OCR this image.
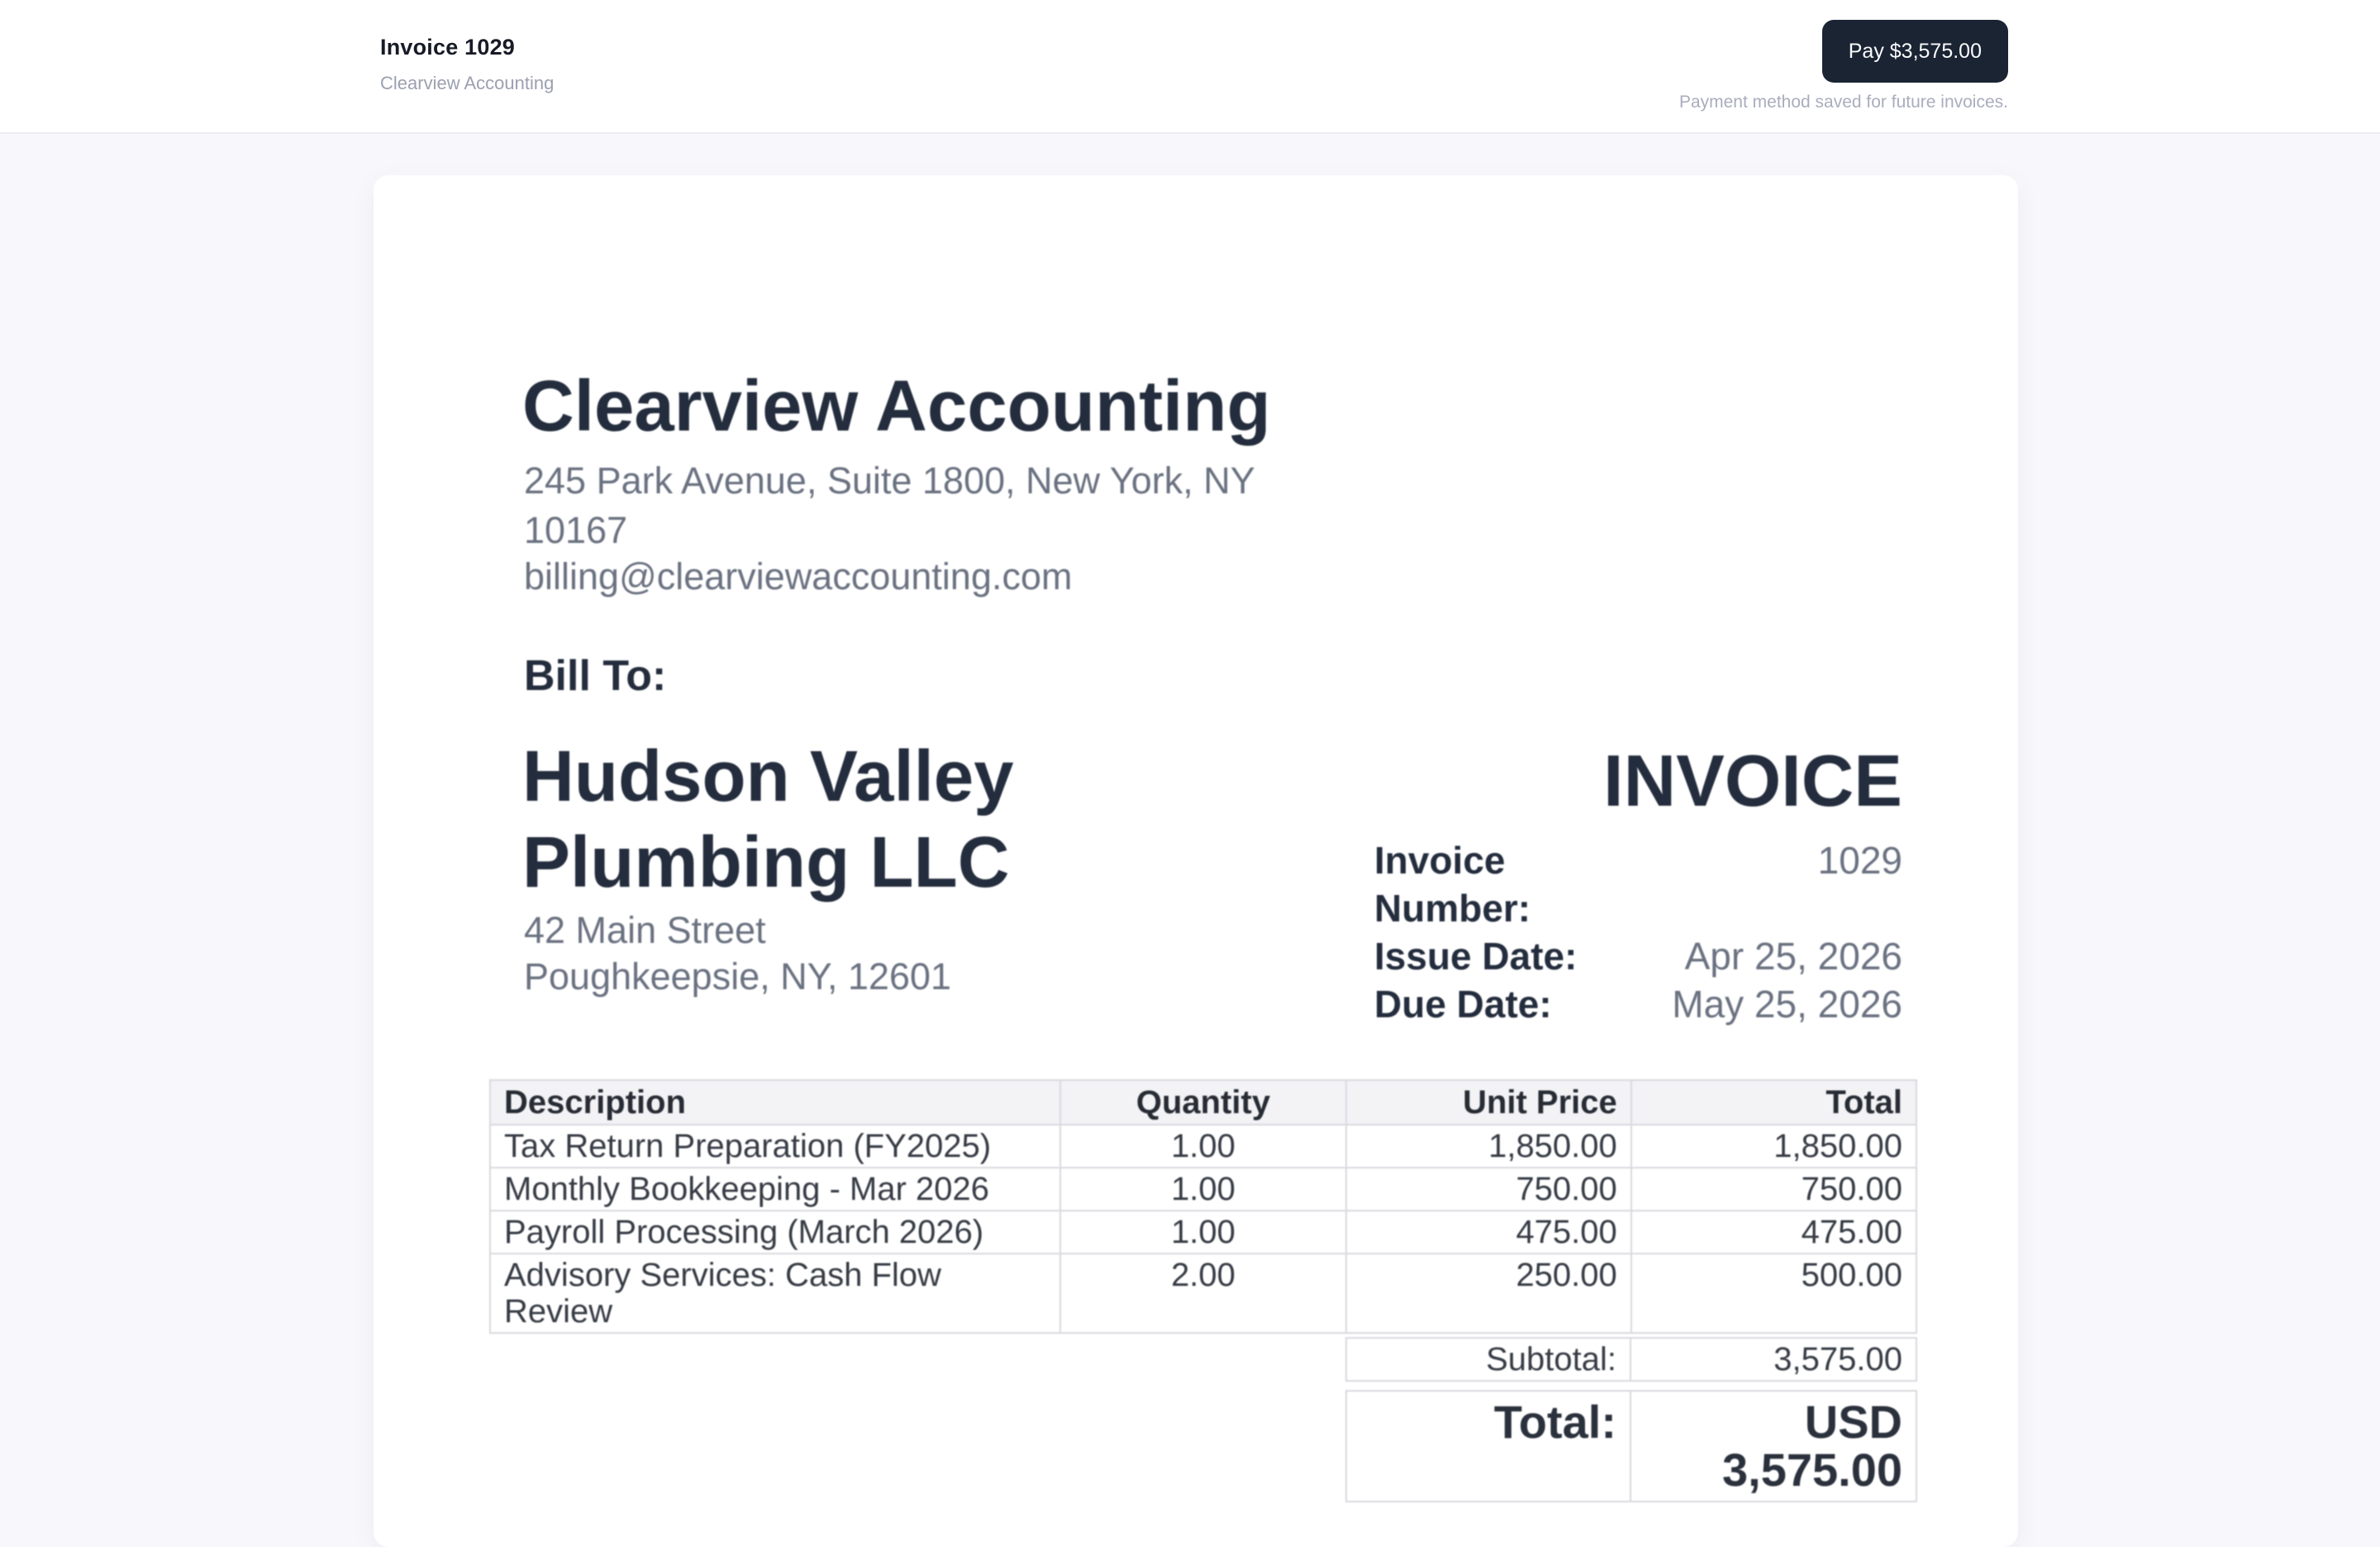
Invoice 1029
Clearview Accounting
Pay $3,575.00
Payment method saved for future invoices.
Clearview Accounting
245 Park Avenue, Suite 1800, New York, NY 10167
billing@clearviewaccounting.com
Bill To:
Hudson Valley Plumbing LLC
42 Main Street
Poughkeepsie, NY, 12601
INVOICE
Invoice Number:
1029
Issue Date:	Apr 25, 2026
Due Date:	May 25, 2026
Description	Quantity	Unit Price	Total
Tax Return Preparation (FY2025)	1.00	1,850.00	1,850.00
Monthly Bookkeeping - Mar 2026	1.00	750.00	750.00
Payroll Processing (March 2026)	1.00	475.00	475.00
Advisory Services: Cash Flow Review	2.00	250.00	500.00
Subtotal:	3,575.00
Total:	USD 3,575.00
